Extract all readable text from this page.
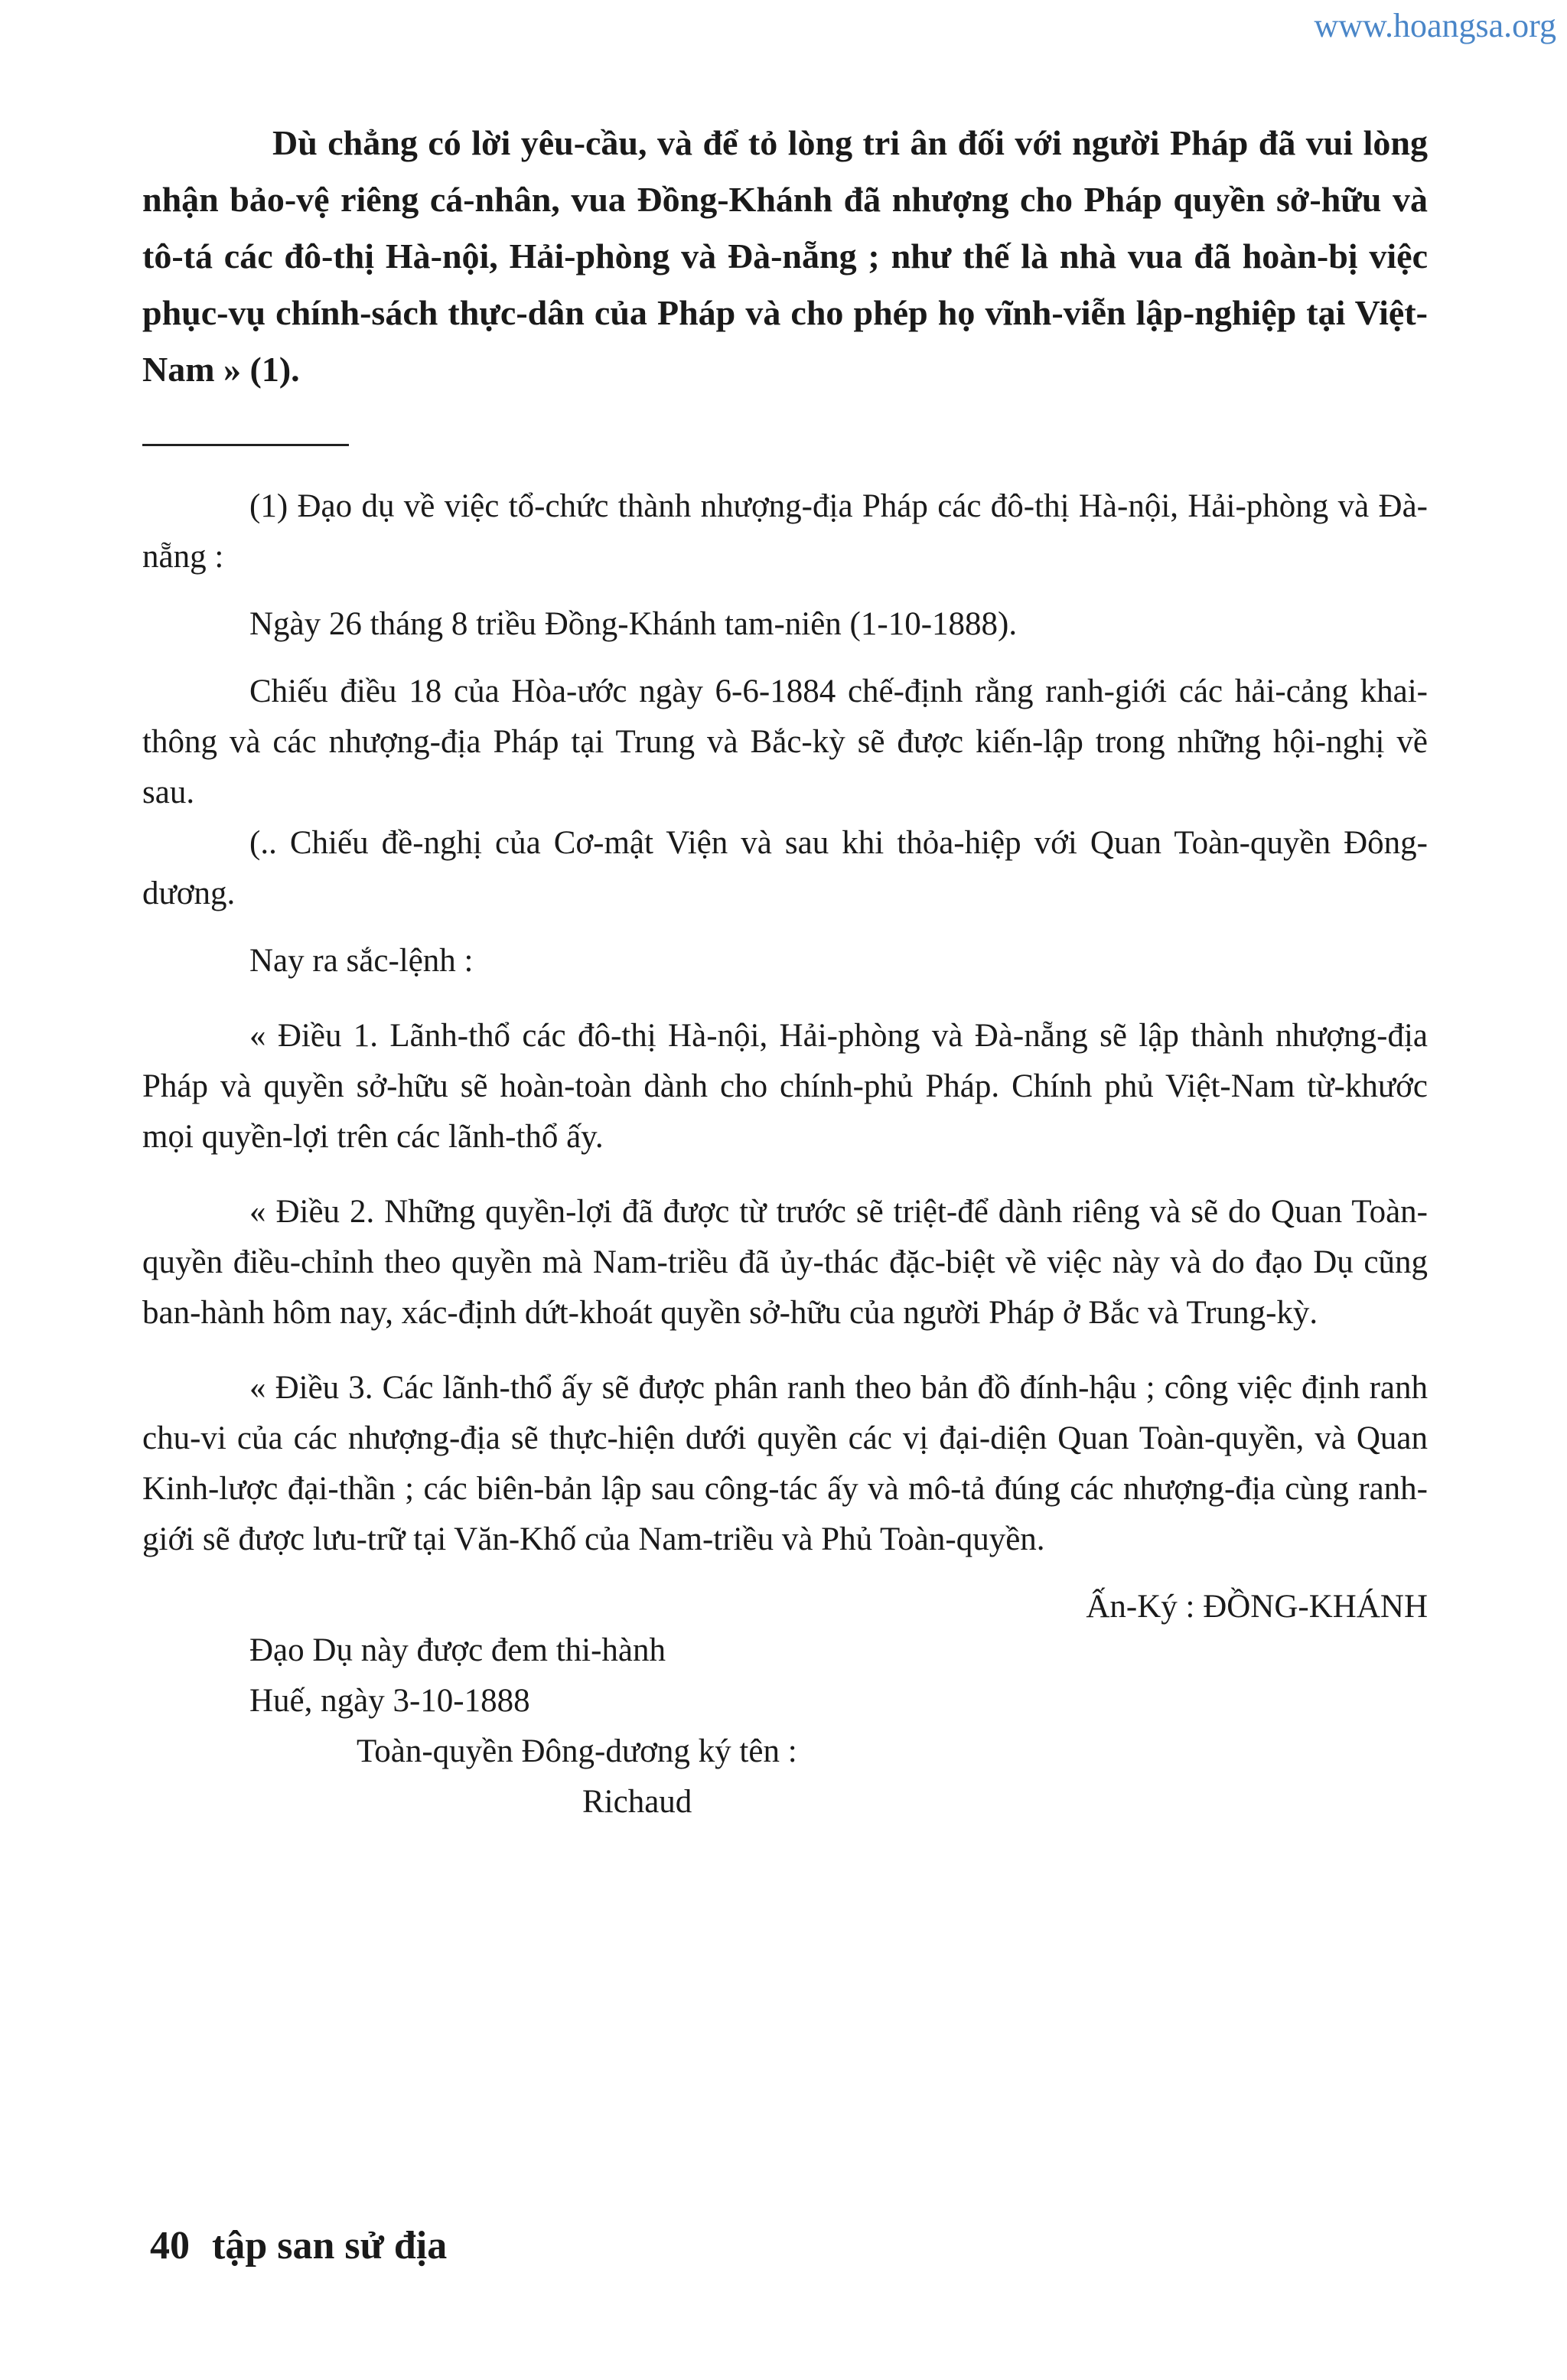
www.hoangsa.org

Dù chẳng có lời yêu-cầu, và để tỏ lòng tri ân đối với người Pháp đã vui lòng nhận bảo-vệ riêng cá-nhân, vua Đồng-Khánh đã nhượng cho Pháp quyền sở-hữu và tô-tá các đô-thị Hà-nội, Hải-phòng và Đà-nẵng ; như thế là nhà vua đã hoàn-bị việc phục-vụ chính-sách thực-dân của Pháp và cho phép họ vĩnh-viễn lập-nghiệp tại Việt-Nam » (1).

(1) Đạo dụ về việc tổ-chức thành nhượng-địa Pháp các đô-thị Hà-nội, Hải-phòng và Đà-nẵng :

Ngày 26 tháng 8 triều Đồng-Khánh tam-niên (1-10-1888).

Chiếu điều 18 của Hòa-ước ngày 6-6-1884 chế-định rằng ranh-giới các hải-cảng khai-thông và các nhượng-địa Pháp tại Trung và Bắc-kỳ sẽ được kiến-lập trong những hội-nghị về sau.

(.. Chiếu đề-nghị của Cơ-mật Viện và sau khi thỏa-hiệp với Quan Toàn-quyền Đông-dương.

Nay ra sắc-lệnh :

« Điều 1. Lãnh-thổ các đô-thị Hà-nội, Hải-phòng và Đà-nẵng sẽ lập thành nhượng-địa Pháp và quyền sở-hữu sẽ hoàn-toàn dành cho chính-phủ Pháp. Chính phủ Việt-Nam từ-khước mọi quyền-lợi trên các lãnh-thổ ấy.

« Điều 2. Những quyền-lợi đã được từ trước sẽ triệt-để dành riêng và sẽ do Quan Toàn-quyền điều-chỉnh theo quyền mà Nam-triều đã ủy-thác đặc-biệt về việc này và do đạo Dụ cũng ban-hành hôm nay, xác-định dứt-khoát quyền sở-hữu của người Pháp ở Bắc và Trung-kỳ.

« Điều 3. Các lãnh-thổ ấy sẽ được phân ranh theo bản đồ đính-hậu ; công việc định ranh chu-vi của các nhượng-địa sẽ thực-hiện dưới quyền các vị đại-diện Quan Toàn-quyền, và Quan Kinh-lược đại-thần ; các biên-bản lập sau công-tác ấy và mô-tả đúng các nhượng-địa cùng ranh-giới sẽ được lưu-trữ tại Văn-Khố của Nam-triều và Phủ Toàn-quyền.

Ấn-Ký : ĐỒNG-KHÁNH

Đạo Dụ này được đem thi-hành

Huế, ngày 3-10-1888

Toàn-quyền Đông-dương ký tên :

Richaud

40 tập san sử địa
